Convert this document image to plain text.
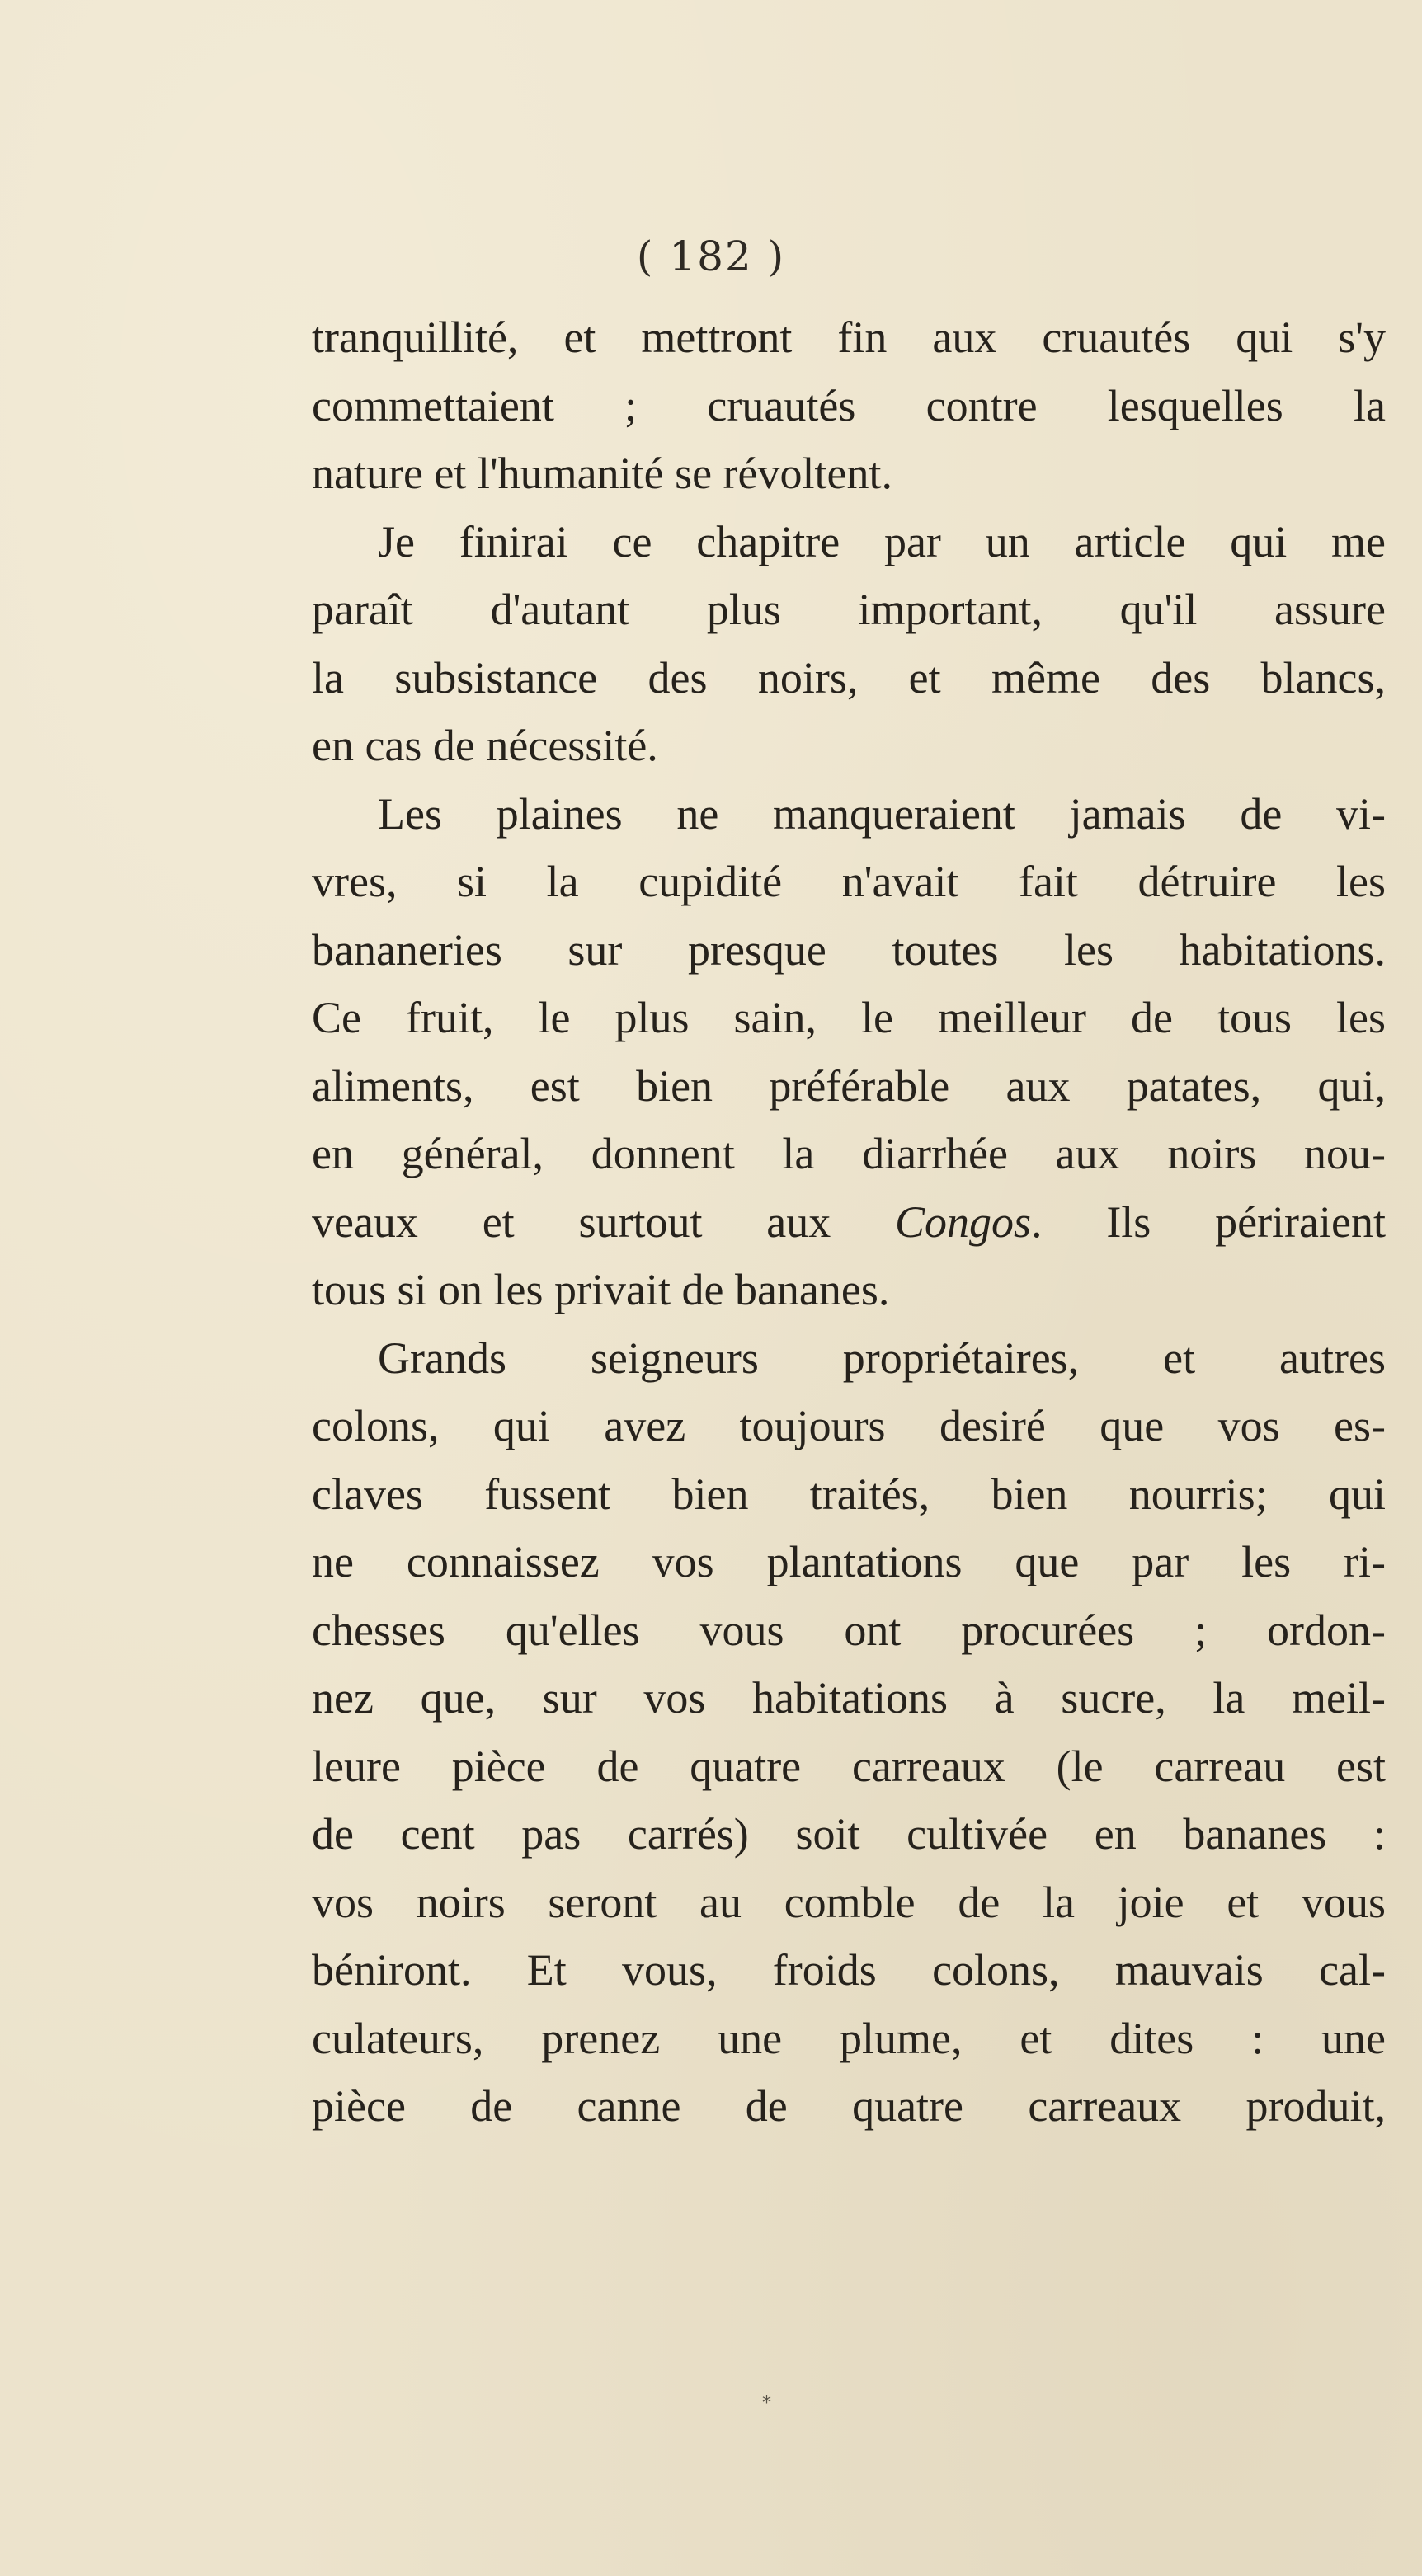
( 182 )
tranquillité, et mettront fin aux cruautés qui s'y
commettaient ; cruautés contre lesquelles la
nature et l'humanité se révoltent.
Je finirai ce chapitre par un article qui me
paraît d'autant plus important, qu'il assure
la subsistance des noirs, et même des blancs,
en cas de nécessité.
Les plaines ne manqueraient jamais de vi-
vres, si la cupidité n'avait fait détruire les
bananeries sur presque toutes les habitations.
Ce fruit, le plus sain, le meilleur de tous les
aliments, est bien préférable aux patates, qui,
en général, donnent la diarrhée aux noirs nou-
veaux et surtout aux Congos. Ils périraient
tous si on les privait de bananes.
Grands seigneurs propriétaires, et autres
colons, qui avez toujours desiré que vos es-
claves fussent bien traités, bien nourris; qui
ne connaissez vos plantations que par les ri-
chesses qu'elles vous ont procurées ; ordon-
nez que, sur vos habitations à sucre, la meil-
leure pièce de quatre carreaux (le carreau est
de cent pas carrés) soit cultivée en bananes :
vos noirs seront au comble de la joie et vous
béniront. Et vous, froids colons, mauvais cal-
culateurs, prenez une plume, et dites : une
pièce de canne de quatre carreaux produit,
*
